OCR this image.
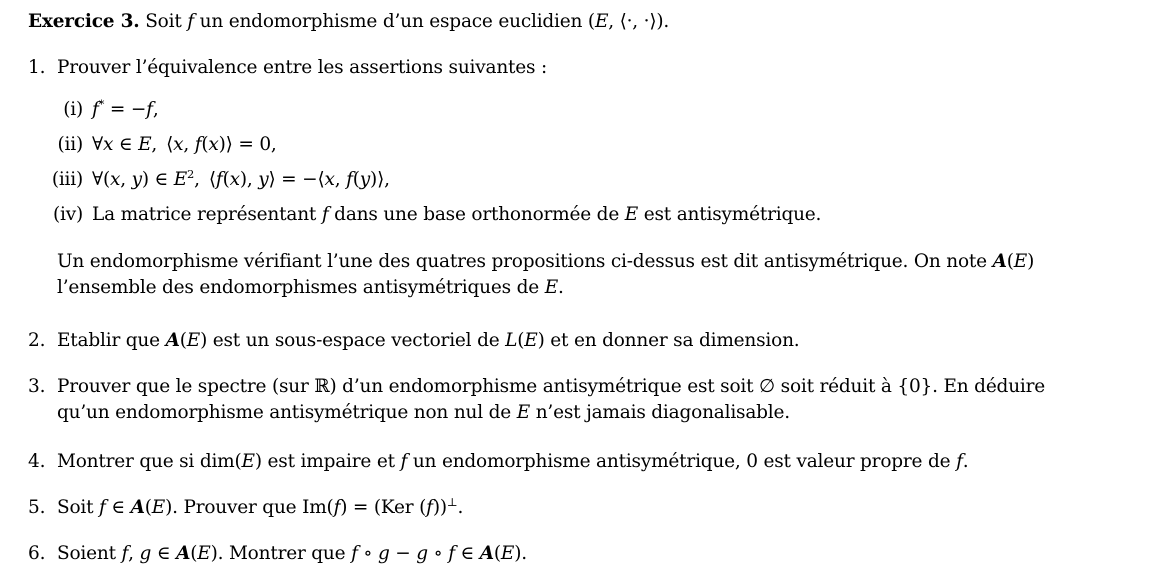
Exercice 3. Soit f un endomorphisme d’un espace euclidien (E, ⟨·, ·⟩).
1. Prouver l’équivalence entre les assertions suivantes :
(i) f* = −f,
(ii) ∀x ∈ E, ⟨x, f(x)⟩ = 0,
(iii) ∀(x, y) ∈ $E^2$, ⟨f(x), y⟩ = −⟨x, f(y)⟩,
(iv) La matrice représentant f dans une base orthonormée de E est antisymétrique.
Un endomorphisme vérifiant l’une des quatres propositions ci-dessus est dit antisymétrique. On note A(E)
l’ensemble des endomorphismes antisymétriques de E.
2. Etablir que A(E) est un sous-espace vectoriel de L(E) et en donner sa dimension.
3. Prouver que le spectre (sur ℝ) d’un endomorphisme antisymétrique est soit ∅ soit réduit à {0}. En déduire
qu’un endomorphisme antisymétrique non nul de E n’est jamais diagonalisable.
4. Montrer que si dim(E) est impaire et f un endomorphisme antisymétrique, 0 est valeur propre de f.
5. Soit f ∈ A(E). Prouver que Im(f) = (Ker (f))⊥.
6. Soient f, g ∈ A(E). Montrer que f ∘ g − g ∘ f ∈ A(E).
